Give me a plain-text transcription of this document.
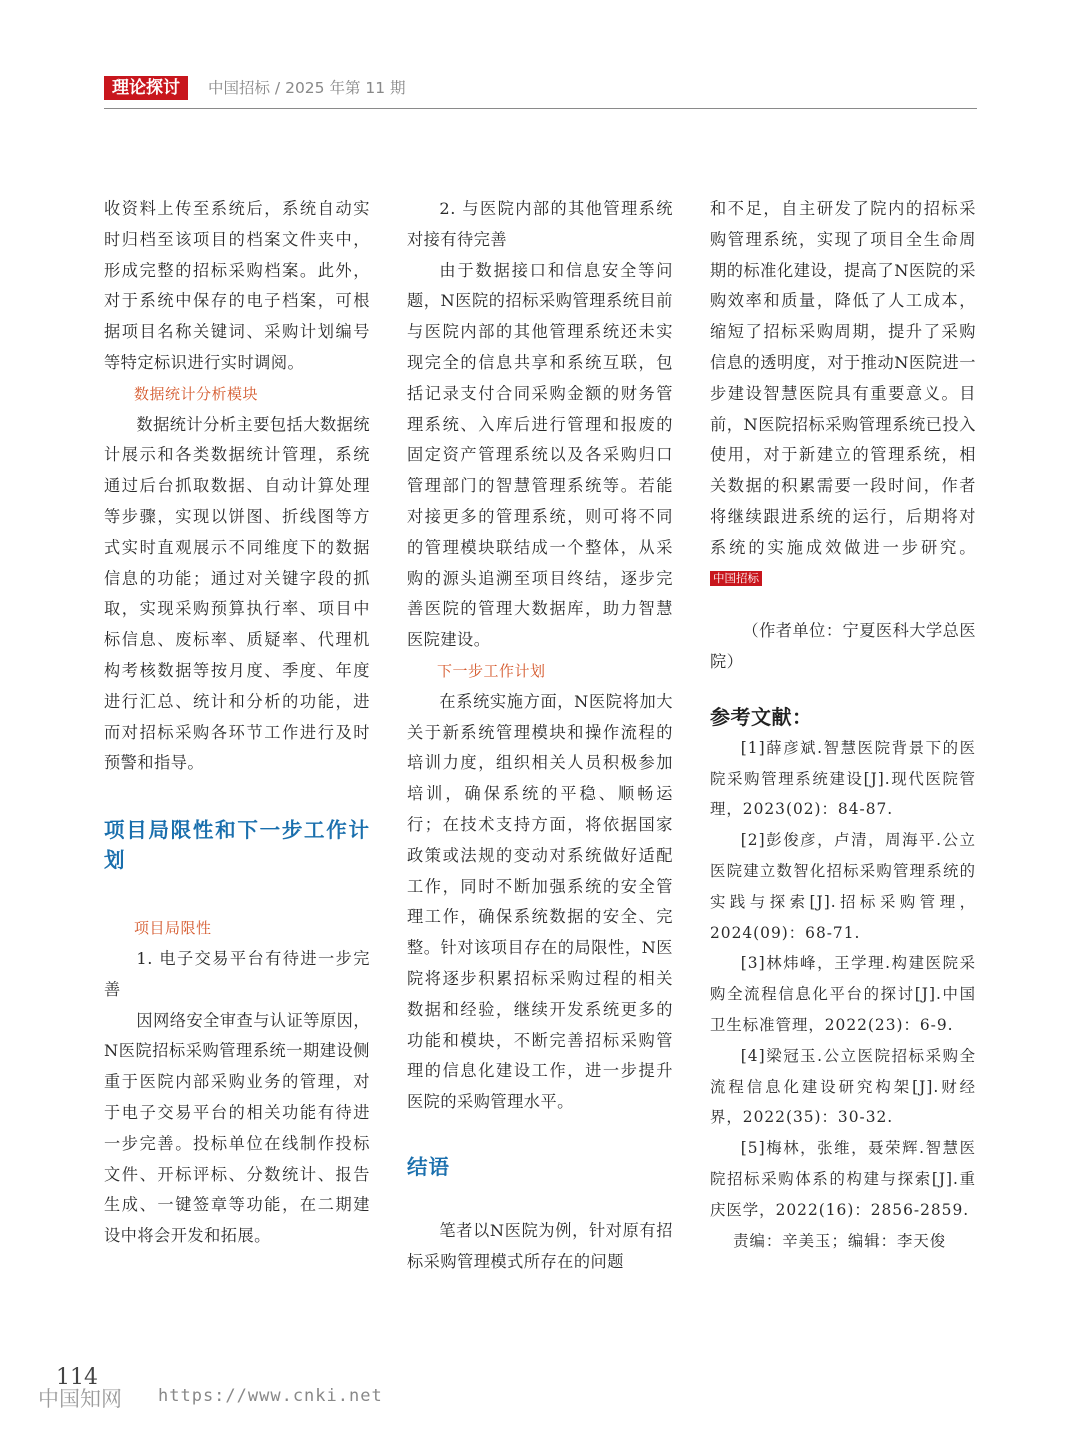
理论探讨	中国招标 / 2025 年第 11 期

收资料上传至系统后，系统自动实时归档至该项目的档案文件夹中，形成完整的招标采购档案。此外，对于系统中保存的电子档案，可根据项目名称关键词、采购计划编号等特定标识进行实时调阅。

数据统计分析模块

数据统计分析主要包括大数据统计展示和各类数据统计管理，系统通过后台抓取数据、自动计算处理等步骤，实现以饼图、折线图等方式实时直观展示不同维度下的数据信息的功能；通过对关键字段的抓取，实现采购预算执行率、项目中标信息、废标率、质疑率、代理机构考核数据等按月度、季度、年度进行汇总、统计和分析的功能，进而对招标采购各环节工作进行及时预警和指导。

项目局限性和下一步工作计划

项目局限性

1. 电子交易平台有待进一步完善

因网络安全审查与认证等原因，N医院招标采购管理系统一期建设侧重于医院内部采购业务的管理，对于电子交易平台的相关功能有待进一步完善。投标单位在线制作投标文件、开标评标、分数统计、报告生成、一键签章等功能，在二期建设中将会开发和拓展。

2. 与医院内部的其他管理系统对接有待完善

由于数据接口和信息安全等问题，N医院的招标采购管理系统目前与医院内部的其他管理系统还未实现完全的信息共享和系统互联，包括记录支付合同采购金额的财务管理系统、入库后进行管理和报废的固定资产管理系统以及各采购归口管理部门的智慧管理系统等。若能对接更多的管理系统，则可将不同的管理模块联结成一个整体，从采购的源头追溯至项目终结，逐步完善医院的管理大数据库，助力智慧医院建设。

下一步工作计划

在系统实施方面，N医院将加大关于新系统管理模块和操作流程的培训力度，组织相关人员积极参加培训，确保系统的平稳、顺畅运行；在技术支持方面，将依据国家政策或法规的变动对系统做好适配工作，同时不断加强系统的安全管理工作，确保系统数据的安全、完整。针对该项目存在的局限性，N医院将逐步积累招标采购过程的相关数据和经验，继续开发系统更多的功能和模块，不断完善招标采购管理的信息化建设工作，进一步提升医院的采购管理水平。

结语

笔者以N医院为例，针对原有招标采购管理模式所存在的问题

和不足，自主研发了院内的招标采购管理系统，实现了项目全生命周期的标准化建设，提高了N医院的采购效率和质量，降低了人工成本，缩短了招标采购周期，提升了采购信息的透明度，对于推动N医院进一步建设智慧医院具有重要意义。目前，N医院招标采购管理系统已投入使用，对于新建立的管理系统，相关数据的积累需要一段时间，作者将继续跟进系统的运行，后期将对系统的实施成效做进一步研究。中国招标

（作者单位：宁夏医科大学总医院）

参考文献：

[1]薛彦斌.智慧医院背景下的医院采购管理系统建设[J].现代医院管理，2023(02)：84-87.

[2]彭俊彦，卢清，周海平.公立医院建立数智化招标采购管理系统的实践与探索[J].招标采购管理，2024(09)：68-71.

[3]林炜峰，王学理.构建医院采购全流程信息化平台的探讨[J].中国卫生标准管理，2022(23)：6-9.

[4]梁冠玉.公立医院招标采购全流程信息化建设研究构架[J].财经界，2022(35)：30-32.

[5]梅林，张维，聂荣辉.智慧医院招标采购体系的构建与探索[J].重庆医学，2022(16)：2856-2859.

责编：辛美玉；编辑：李天俊

114
中国知网 https://www.cnki.net
